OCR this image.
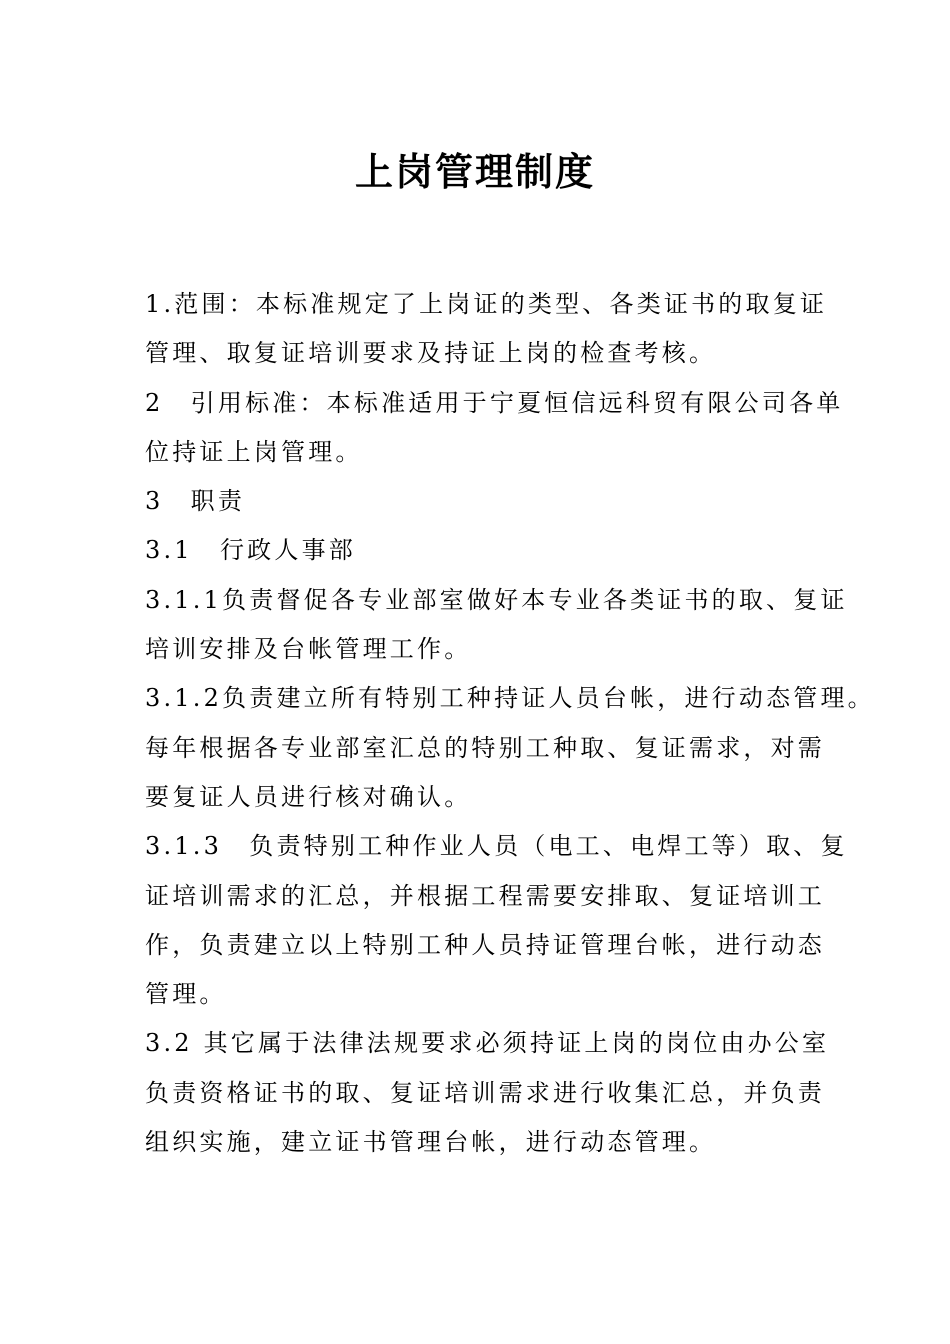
上岗管理制度
1.范围：本标准规定了上岗证的类型、各类证书的取复证
管理、取复证培训要求及持证上岗的检查考核。
2　引用标准：本标准适用于宁夏恒信远科贸有限公司各单
位持证上岗管理。
3　职责
3.1　行政人事部
3.1.1负责督促各专业部室做好本专业各类证书的取、复证
培训安排及台帐管理工作。
3.1.2负责建立所有特别工种持证人员台帐，进行动态管理。
每年根据各专业部室汇总的特别工种取、复证需求，对需
要复证人员进行核对确认。
3.1.3　负责特别工种作业人员（电工、电焊工等）取、复
证培训需求的汇总，并根据工程需要安排取、复证培训工
作，负责建立以上特别工种人员持证管理台帐，进行动态
管理。
3.2 其它属于法律法规要求必须持证上岗的岗位由办公室
负责资格证书的取、复证培训需求进行收集汇总，并负责
组织实施，建立证书管理台帐，进行动态管理。
